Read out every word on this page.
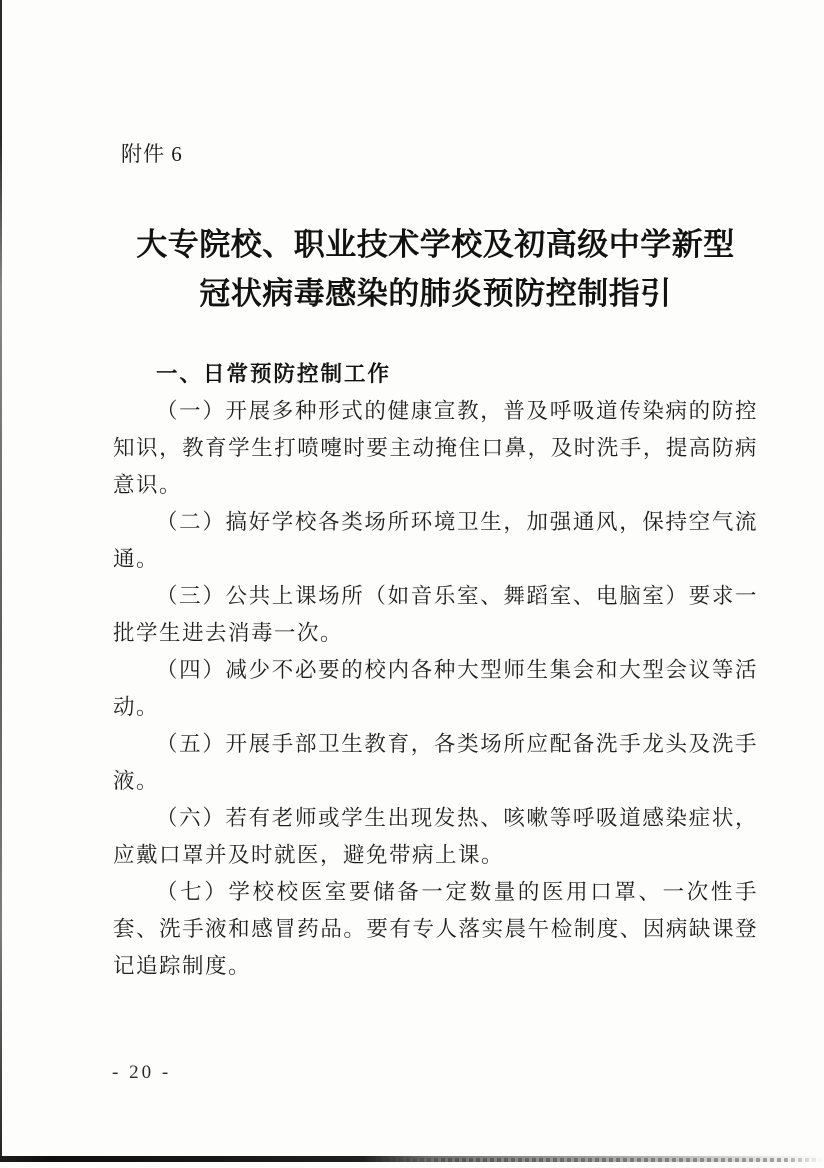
附件 6
大专院校、职业技术学校及初高级中学新型
冠状病毒感染的肺炎预防控制指引
一、日常预防控制工作

（一）开展多种形式的健康宣教，普及呼吸道传染病的防控知识，教育学生打喷嚏时要主动掩住口鼻，及时洗手，提高防病意识。

（二）搞好学校各类场所环境卫生，加强通风，保持空气流通。

（三）公共上课场所（如音乐室、舞蹈室、电脑室）要求一批学生进去消毒一次。

（四）减少不必要的校内各种大型师生集会和大型会议等活动。

（五）开展手部卫生教育，各类场所应配备洗手龙头及洗手液。

（六）若有老师或学生出现发热、咳嗽等呼吸道感染症状，应戴口罩并及时就医，避免带病上课。

（七）学校校医室要储备一定数量的医用口罩、一次性手套、洗手液和感冒药品。要有专人落实晨午检制度、因病缺课登记追踪制度。

- 20 -
